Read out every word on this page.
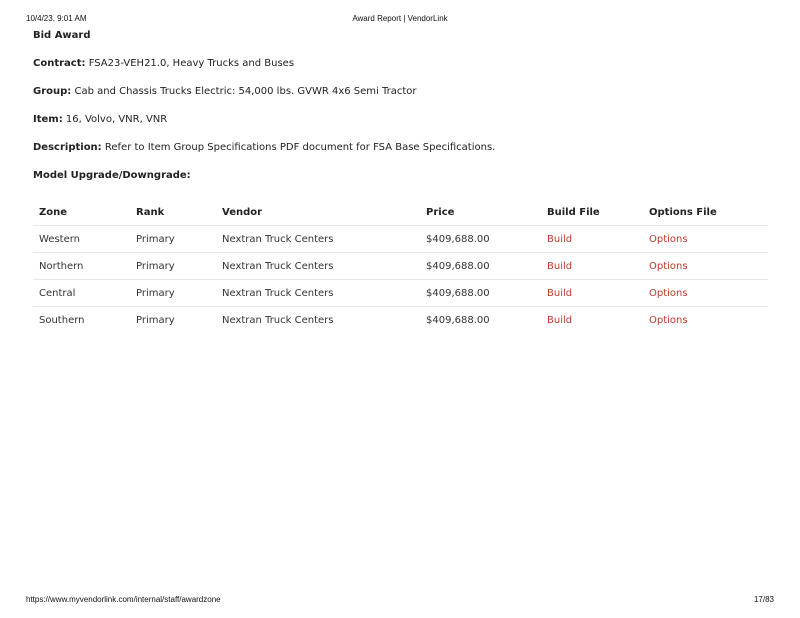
10/4/23, 9:01 AM	Award Report | VendorLink

Bid Award

Contract: FSA23-VEH21.0, Heavy Trucks and Buses

Group: Cab and Chassis Trucks Electric: 54,000 lbs. GVWR 4x6 Semi Tractor

Item: 16, Volvo, VNR, VNR

Description: Refer to Item Group Specifications PDF document for FSA Base Specifications.

Model Upgrade/Downgrade:

Zone	Rank	Vendor	Price	Build File	Options File
Western	Primary	Nextran Truck Centers	$409,688.00	Build	Options
Northern	Primary	Nextran Truck Centers	$409,688.00	Build	Options
Central	Primary	Nextran Truck Centers	$409,688.00	Build	Options
Southern	Primary	Nextran Truck Centers	$409,688.00	Build	Options
https://www.myvendorlink.com/internal/staff/awardzone	17/83
